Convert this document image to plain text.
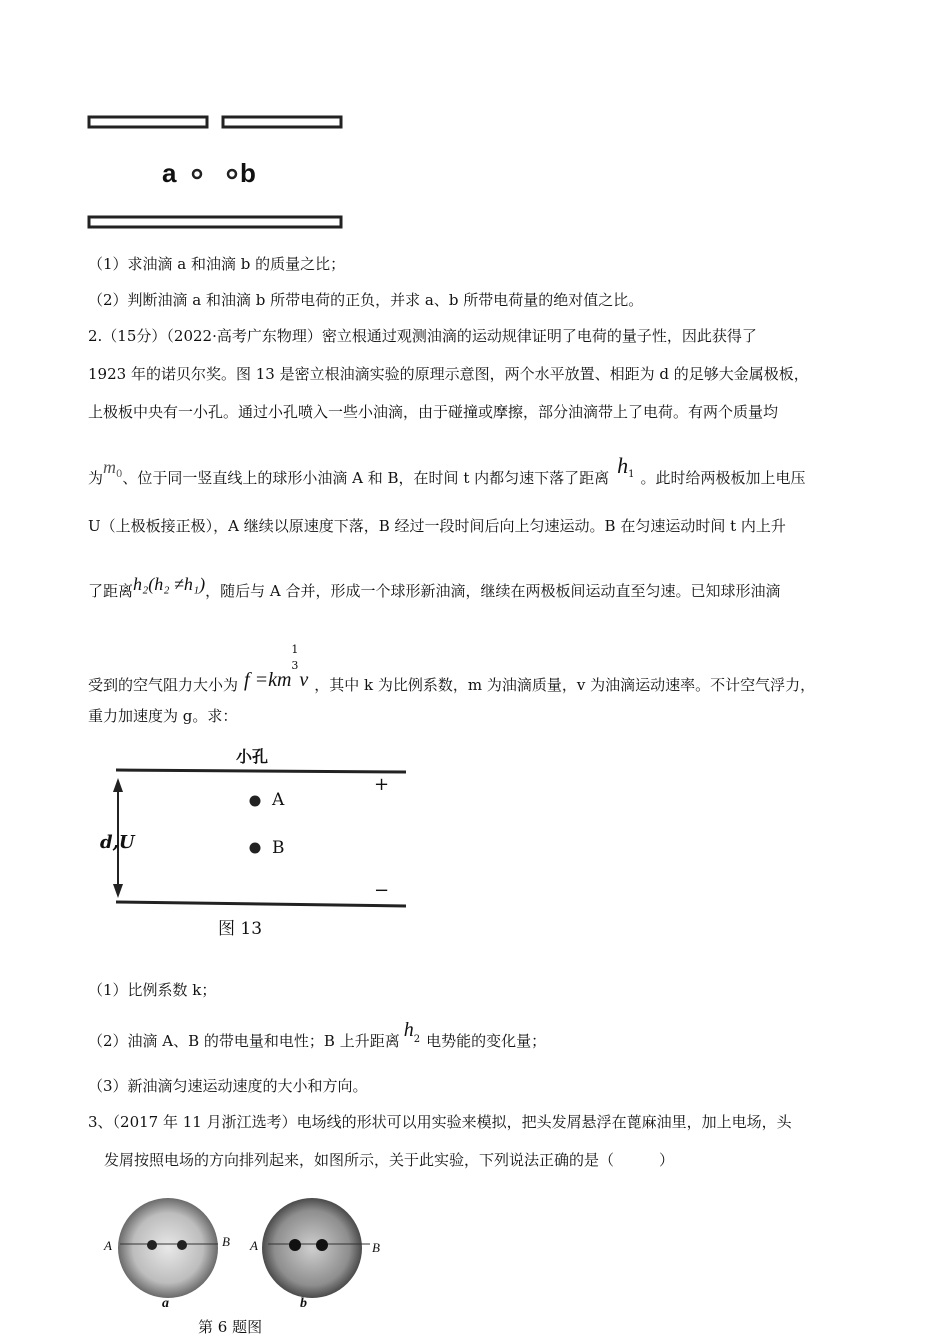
a b
（1）求油滴 a 和油滴 b 的质量之比；
（2）判断油滴 a 和油滴 b 所带电荷的正负，并求 a、b 所带电荷量的绝对值之比。
2.（15分）（2022·高考广东物理）密立根通过观测油滴的运动规律证明了电荷的量子性，因此获得了
1923 年的诺贝尔奖。图 13 是密立根油滴实验的原理示意图，两个水平放置、相距为 d 的足够大金属极板，
上极板中央有一小孔。通过小孔喷入一些小油滴，由于碰撞或摩擦，部分油滴带上了电荷。有两个质量均
为$m^0$、位于同一竖直线上的球形小油滴 A 和 B，在时间 t 内都匀速下落了距离 $h^1$ 。此时给两极板加上电压
U（上极板接正极），A 继续以原速度下落，B 经过一段时间后向上匀速运动。B 在匀速运动时间 t 内上升
了距离h₂(h₂ ≠h₁)，随后与 A 合并，形成一个球形新油滴，继续在两极板间运动直至匀速。已知球形油滴
受到的空气阻力大小为 f =km
1
3
v ，其中 k 为比例系数，m 为油滴质量，v 为油滴运动速率。不计空气浮力，
重力加速度为 g。求：
小孔
+
−
d,U
A
B
图 13
（1）比例系数 k；
（2）油滴 A、B 的带电量和电性；B 上升距离 $h^2$ 电势能的变化量；
（3）新油滴匀速运动速度的大小和方向。
3、（2017 年 11 月浙江选考）电场线的形状可以用实验来模拟，把头发屑悬浮在蓖麻油里，加上电场，头
发屑按照电场的方向排列起来，如图所示，关于此实验，下列说法正确的是（　　　）
A	B A	B
a	b
第 6 题图
